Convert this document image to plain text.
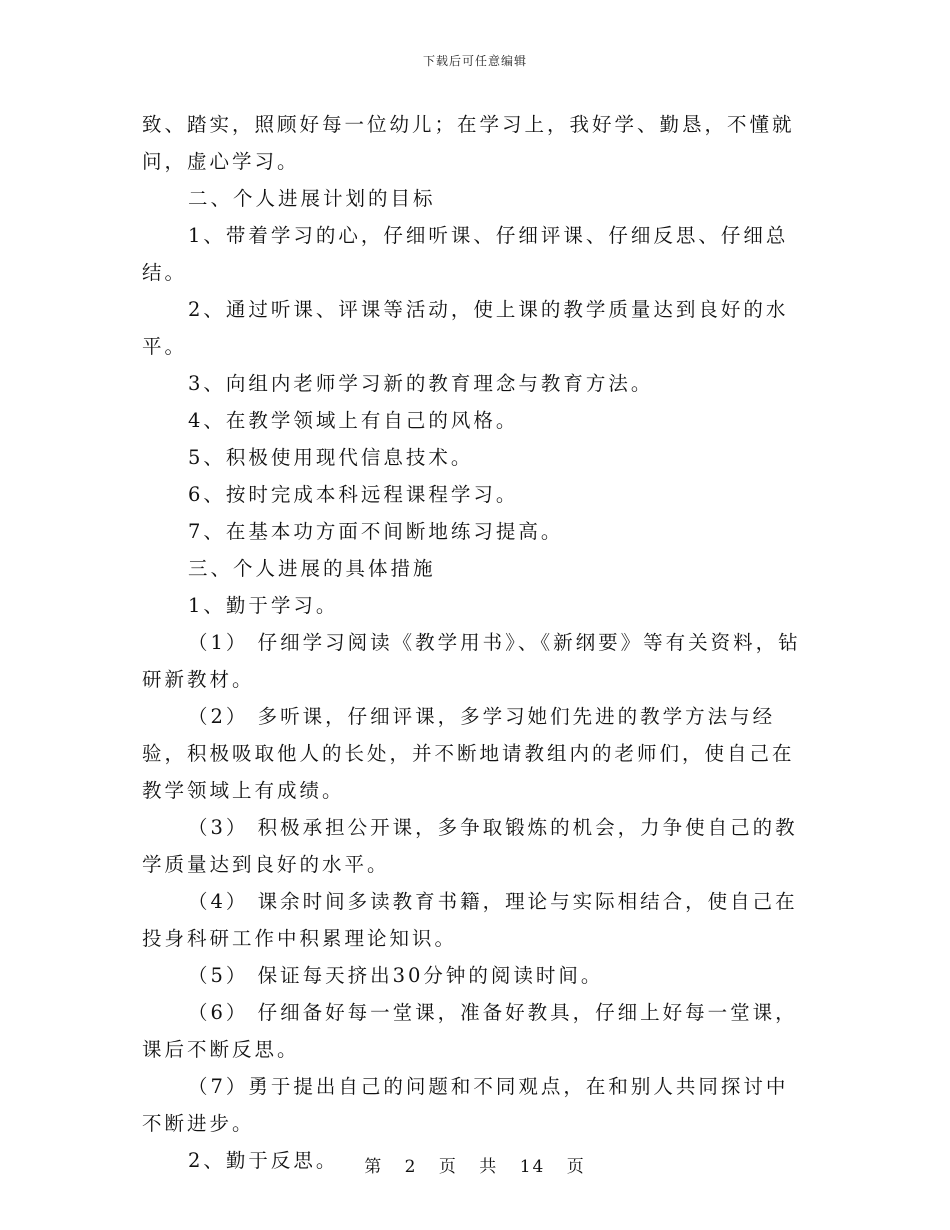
下载后可任意编辑

致、踏实，照顾好每一位幼儿；在学习上，我好学、勤恳，不懂就问，虚心学习。

二、个人进展计划的目标

1、带着学习的心，仔细听课、仔细评课、仔细反思、仔细总结。

2、通过听课、评课等活动，使上课的教学质量达到良好的水平。

3、向组内老师学习新的教育理念与教育方法。

4、在教学领域上有自己的风格。

5、积极使用现代信息技术。

6、按时完成本科远程课程学习。

7、在基本功方面不间断地练习提高。

三、个人进展的具体措施

1、勤于学习。

（1） 仔细学习阅读《教学用书》、《新纲要》等有关资料，钻研新教材。

（2） 多听课，仔细评课，多学习她们先进的教学方法与经验，积极吸取他人的长处，并不断地请教组内的老师们，使自己在教学领域上有成绩。

（3） 积极承担公开课，多争取锻炼的机会，力争使自己的教学质量达到良好的水平。

（4） 课余时间多读教育书籍，理论与实际相结合，使自己在投身科研工作中积累理论知识。

（5） 保证每天挤出30分钟的阅读时间。

（6） 仔细备好每一堂课，准备好教具，仔细上好每一堂课，课后不断反思。

（7）勇于提出自己的问题和不同观点，在和别人共同探讨中不断进步。

2、勤于反思。	第 2 页 共 14 页
